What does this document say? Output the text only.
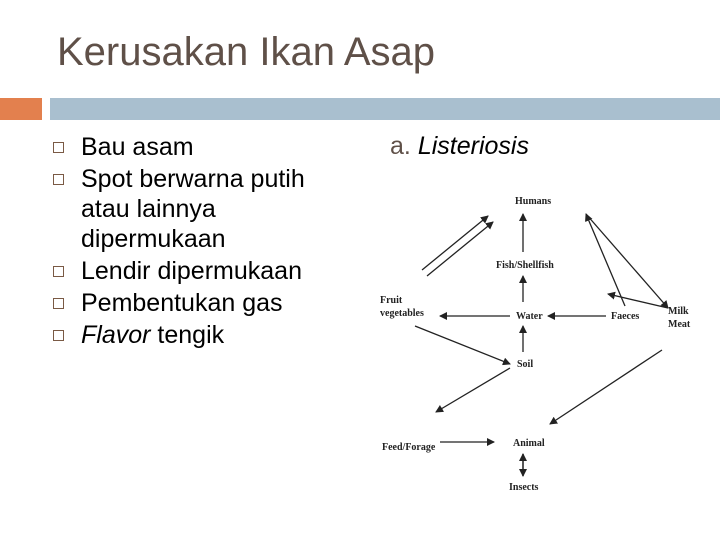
Kerusakan Ikan Asap
Bau asam
Spot berwarna putih atau lainnya dipermukaan
Lendir dipermukaan
Pembentukan gas
Flavor tengik
a. Listeriosis
Humans
Fish/Shellfish
Fruit
vegetables	Water	Faeces	Milk
Meat
Soil
Feed/Forage	Animal
Insects
